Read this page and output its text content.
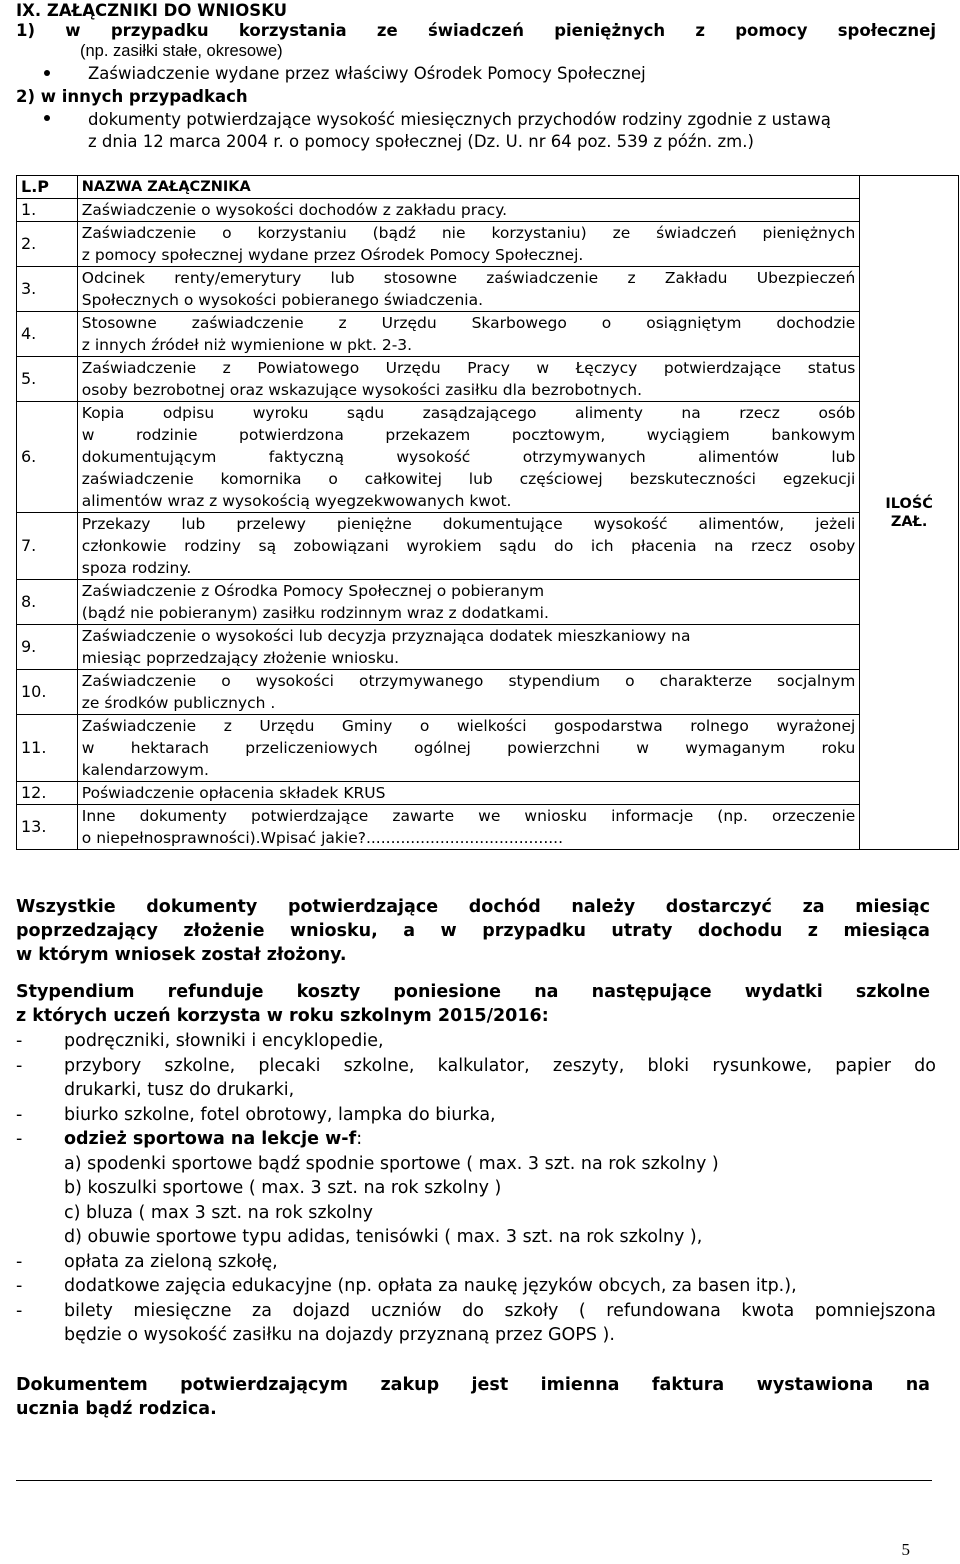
IX. ZAŁĄCZNIKI DO WNIOSKU
1) w przypadku korzystania ze świadczeń pieniężnych z pomocy społecznej
(np. zasiłki stałe, okresowe)
Zaświadczenie wydane przez właściwy Ośrodek Pomocy Społecznej
2) w innych przypadkach
dokumenty potwierdzające wysokość miesięcznych przychodów rodziny zgodnie z ustawą
z dnia 12 marca 2004 r. o pomocy społecznej (Dz. U. nr 64 poz. 539 z późn. zm.)
L.P	NAZWA ZAŁĄCZNIKA	ILOŚĆ
ZAŁ.

1.	Zaświadczenie o wysokości dochodów z zakładu pracy.	

2.	Zaświadczenie o korzystaniu (bądź nie korzystaniu) ze świadczeń pieniężnych
z pomocy społecznej wydane przez Ośrodek Pomocy Społecznej.	

3.	Odcinek renty/emerytury lub stosowne zaświadczenie z Zakładu Ubezpieczeń
Społecznych o wysokości pobieranego świadczenia.	

4.	Stosowne zaświadczenie z Urzędu Skarbowego o osiągniętym dochodzie
z innych źródeł niż wymienione w pkt. 2-3.	

5.	Zaświadczenie z Powiatowego Urzędu Pracy w Łęczycy potwierdzające status
osoby bezrobotnej oraz wskazujące wysokości zasiłku dla bezrobotnych.	

6.	Kopia odpisu wyroku sądu zasądzającego alimenty na rzecz osób
w rodzinie potwierdzona przekazem pocztowym, wyciągiem bankowym
dokumentującym faktyczną wysokość otrzymywanych alimentów lub
zaświadczenie komornika o całkowitej lub częściowej bezskuteczności egzekucji
alimentów wraz z wysokością wyegzekwowanych kwot.	

7.	Przekazy lub przelewy pieniężne dokumentujące wysokość alimentów, jeżeli
członkowie rodziny są zobowiązani wyrokiem sądu do ich płacenia na rzecz osoby
spoza rodziny.	

8.	Zaświadczenie z Ośrodka Pomocy Społecznej o pobieranym
(bądź nie pobieranym) zasiłku rodzinnym wraz z dodatkami.	

9.	Zaświadczenie o wysokości lub decyzja przyznająca dodatek mieszkaniowy na
miesiąc poprzedzający złożenie wniosku.	

10.	Zaświadczenie o wysokości otrzymywanego stypendium o charakterze socjalnym
ze środków publicznych .	

11.	Zaświadczenie z Urzędu Gminy o wielkości gospodarstwa rolnego wyrażonej
w hektarach przeliczeniowych ogólnej powierzchni w wymaganym roku
kalendarzowym.	

12.	Poświadczenie opłacenia składek KRUS	

13.	Inne dokumenty potwierdzające zawarte we wniosku informacje (np. orzeczenie
o niepełnosprawności).Wpisać jakie?........................................	
Wszystkie dokumenty potwierdzające dochód należy dostarczyć za miesiąc
poprzedzający złożenie wniosku, a w przypadku utraty dochodu z miesiąca
w którym wniosek został złożony.
Stypendium refunduje koszty poniesione na następujące wydatki szkolne
z których uczeń korzysta w roku szkolnym 2015/2016:
- podręczniki, słowniki i encyklopedie,
- przybory szkolne, plecaki szkolne, kalkulator, zeszyty, bloki rysunkowe, papier do
drukarki, tusz do drukarki,
- biurko szkolne, fotel obrotowy, lampka do biurka,
- odzież sportowa na lekcje w-f:
a) spodenki sportowe bądź spodnie sportowe ( max. 3 szt. na rok szkolny )
b) koszulki sportowe ( max. 3 szt. na rok szkolny )
c) bluza ( max 3 szt. na rok szkolny
d) obuwie sportowe typu adidas, tenisówki ( max. 3 szt. na rok szkolny ),
- opłata za zieloną szkołę,
- dodatkowe zajęcia edukacyjne (np. opłata za naukę języków obcych, za basen itp.),
- bilety miesięczne za dojazd uczniów do szkoły ( refundowana kwota pomniejszona
będzie o wysokość zasiłku na dojazdy przyznaną przez GOPS ).
Dokumentem potwierdzającym zakup jest imienna faktura wystawiona na
ucznia bądź rodzica.
5
